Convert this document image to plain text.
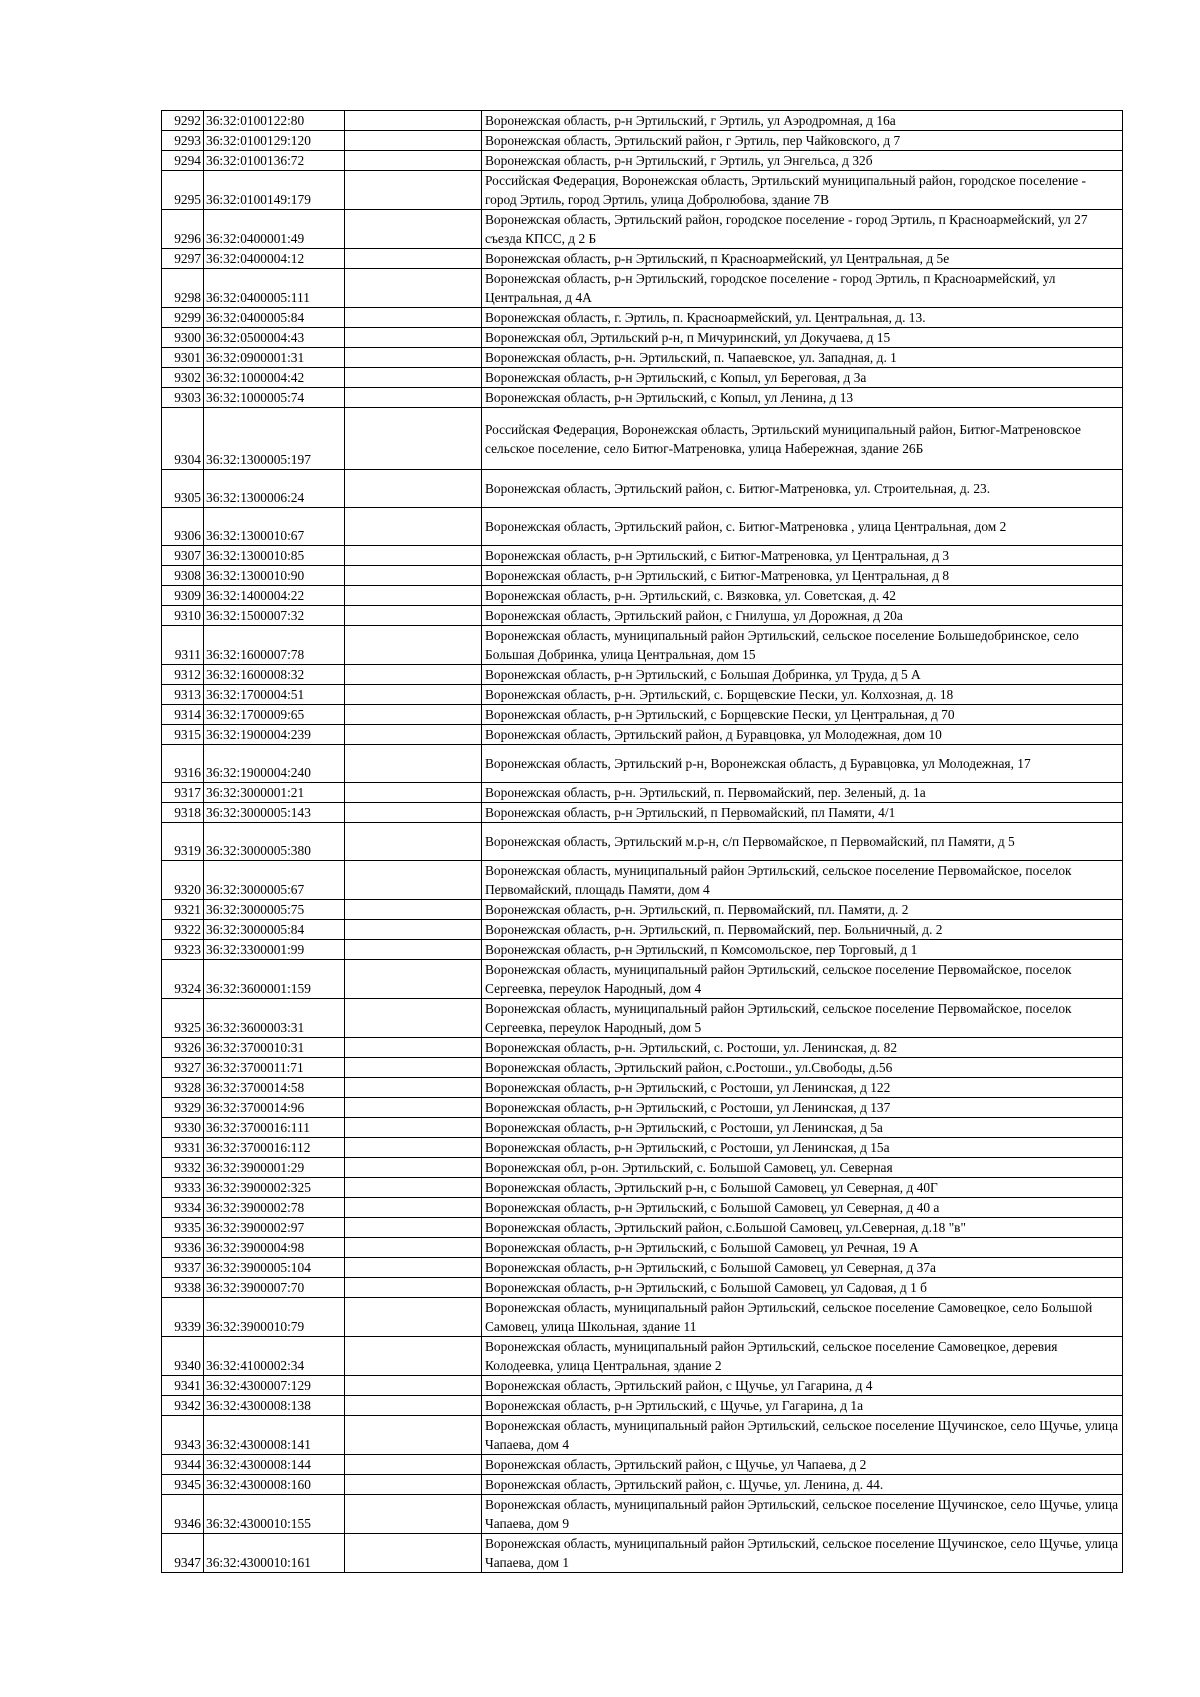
9292	36:32:0100122:80		Воронежская область, р-н Эртильский, г Эртиль, ул Аэродромная, д 16а
9293	36:32:0100129:120		Воронежская область, Эртильский район, г Эртиль, пер Чайковского, д 7
9294	36:32:0100136:72		Воронежская область, р-н Эртильский, г Эртиль, ул Энгельса, д 32б
9295	36:32:0100149:179		Российская Федерация, Воронежская область, Эртильский муниципальный район, городское поселение - город Эртиль, город Эртиль, улица Добролюбова, здание 7В
9296	36:32:0400001:49		Воронежская область, Эртильский район, городское поселение - город Эртиль, п Красноармейский, ул 27 съезда КПСС, д 2 Б
9297	36:32:0400004:12		Воронежская область, р-н Эртильский, п Красноармейский, ул Центральная, д 5е
9298	36:32:0400005:111		Воронежская область, р-н Эртильский, городское поселение - город Эртиль, п Красноармейский, ул Центральная, д 4А
9299	36:32:0400005:84		Воронежская область, г. Эртиль, п. Красноармейский, ул. Центральная, д. 13.
9300	36:32:0500004:43		Воронежская обл, Эртильский р-н, п Мичуринский, ул Докучаева, д 15
9301	36:32:0900001:31		Воронежская область, р-н. Эртильский, п. Чапаевское, ул. Западная, д. 1
9302	36:32:1000004:42		Воронежская область, р-н Эртильский, с Копыл, ул Береговая, д 3а
9303	36:32:1000005:74		Воронежская область, р-н Эртильский, с Копыл, ул Ленина, д 13
9304	36:32:1300005:197		Российская Федерация, Воронежская область, Эртильский муниципальный район, Битюг-Матреновское сельское поселение, село Битюг-Матреновка, улица Набережная, здание 26Б
9305	36:32:1300006:24		Воронежская область, Эртильский район, с. Битюг-Матреновка, ул. Строительная, д. 23.
9306	36:32:1300010:67		Воронежская область, Эртильский район, с. Битюг-Матреновка , улица Центральная, дом 2
9307	36:32:1300010:85		Воронежская область, р-н Эртильский, с Битюг-Матреновка, ул Центральная, д 3
9308	36:32:1300010:90		Воронежская область, р-н Эртильский, с Битюг-Матреновка, ул Центральная, д 8
9309	36:32:1400004:22		Воронежская область, р-н. Эртильский, с. Вязковка, ул. Советская, д. 42
9310	36:32:1500007:32		Воронежская область, Эртильский район, с Гнилуша, ул Дорожная, д 20а
9311	36:32:1600007:78		Воронежская область, муниципальный район Эртильский, сельское поселение Большедобринское, село Большая Добринка, улица Центральная, дом 15
9312	36:32:1600008:32		Воронежская область, р-н Эртильский, с Большая Добринка, ул Труда, д 5 А
9313	36:32:1700004:51		Воронежская область, р-н. Эртильский, с. Борщевские Пески, ул. Колхозная, д. 18
9314	36:32:1700009:65		Воронежская область, р-н Эртильский, с Борщевские Пески, ул Центральная, д 70
9315	36:32:1900004:239		Воронежская область, Эртильский район, д Буравцовка, ул Молодежная, дом 10
9316	36:32:1900004:240		Воронежская область, Эртильский р-н, Воронежская область, д Буравцовка, ул Молодежная, 17
9317	36:32:3000001:21		Воронежская область, р-н. Эртильский, п. Первомайский, пер. Зеленый, д. 1а
9318	36:32:3000005:143		Воронежская область, р-н Эртильский, п Первомайский, пл Памяти, 4/1
9319	36:32:3000005:380		Воронежская область, Эртильский м.р-н, с/п Первомайское, п Первомайский, пл Памяти, д 5
9320	36:32:3000005:67		Воронежская область, муниципальный район Эртильский, сельское поселение Первомайское, поселок Первомайский, площадь Памяти, дом 4
9321	36:32:3000005:75		Воронежская область, р-н. Эртильский, п. Первомайский, пл. Памяти, д. 2
9322	36:32:3000005:84		Воронежская область, р-н. Эртильский, п. Первомайский, пер. Больничный, д. 2
9323	36:32:3300001:99		Воронежская область, р-н Эртильский, п Комсомольское, пер Торговый, д 1
9324	36:32:3600001:159		Воронежская область, муниципальный район Эртильский, сельское поселение Первомайское, поселок Сергеевка, переулок Народный, дом 4
9325	36:32:3600003:31		Воронежская область, муниципальный район Эртильский, сельское поселение Первомайское, поселок Сергеевка, переулок Народный, дом 5
9326	36:32:3700010:31		Воронежская область, р-н. Эртильский, с. Ростоши, ул. Ленинская, д. 82
9327	36:32:3700011:71		Воронежская область, Эртильский район, с.Ростоши., ул.Свободы, д.56
9328	36:32:3700014:58		Воронежская область, р-н Эртильский, с Ростоши, ул Ленинская, д 122
9329	36:32:3700014:96		Воронежская область, р-н Эртильский, с Ростоши, ул Ленинская, д 137
9330	36:32:3700016:111		Воронежская область, р-н Эртильский, с Ростоши, ул Ленинская, д 5а
9331	36:32:3700016:112		Воронежская область, р-н Эртильский, с Ростоши, ул Ленинская, д 15а
9332	36:32:3900001:29		Воронежская обл, р-он. Эртильский, с. Большой Самовец, ул. Северная
9333	36:32:3900002:325		Воронежская область, Эртильский р-н, с Большой Самовец, ул Северная, д 40Г
9334	36:32:3900002:78		Воронежская область, р-н Эртильский, с Большой Самовец, ул Северная, д 40 а
9335	36:32:3900002:97		Воронежская область, Эртильский район, с.Большой Самовец, ул.Северная, д.18 "в"
9336	36:32:3900004:98		Воронежская область, р-н Эртильский, с Большой Самовец, ул Речная, 19 А
9337	36:32:3900005:104		Воронежская область, р-н Эртильский, с Большой Самовец, ул Северная, д 37а
9338	36:32:3900007:70		Воронежская область, р-н Эртильский, с Большой Самовец, ул Садовая, д 1 б
9339	36:32:3900010:79		Воронежская область, муниципальный район Эртильский, сельское поселение Самовецкое, село Большой Самовец, улица Школьная, здание 11
9340	36:32:4100002:34		Воронежская область, муниципальный район Эртильский, сельское поселение Самовецкое, деревия Колодеевка, улица Центральная, здание 2
9341	36:32:4300007:129		Воронежская область, Эртильский район, с Щучье, ул Гагарина, д 4
9342	36:32:4300008:138		Воронежская область, р-н Эртильский, с Щучье, ул Гагарина, д 1а
9343	36:32:4300008:141		Воронежская область, муниципальный район Эртильский, сельское поселение Щучинское, село Щучье, улица Чапаева, дом 4
9344	36:32:4300008:144		Воронежская область, Эртильский район, с Щучье, ул Чапаева, д 2
9345	36:32:4300008:160		Воронежская область, Эртильский район, с. Щучье, ул. Ленина, д. 44.
9346	36:32:4300010:155		Воронежская область, муниципальный район Эртильский, сельское поселение Щучинское, село Щучье, улица Чапаева, дом 9
9347	36:32:4300010:161		Воронежская область, муниципальный район Эртильский, сельское поселение Щучинское, село Щучье, улица Чапаева, дом 1
